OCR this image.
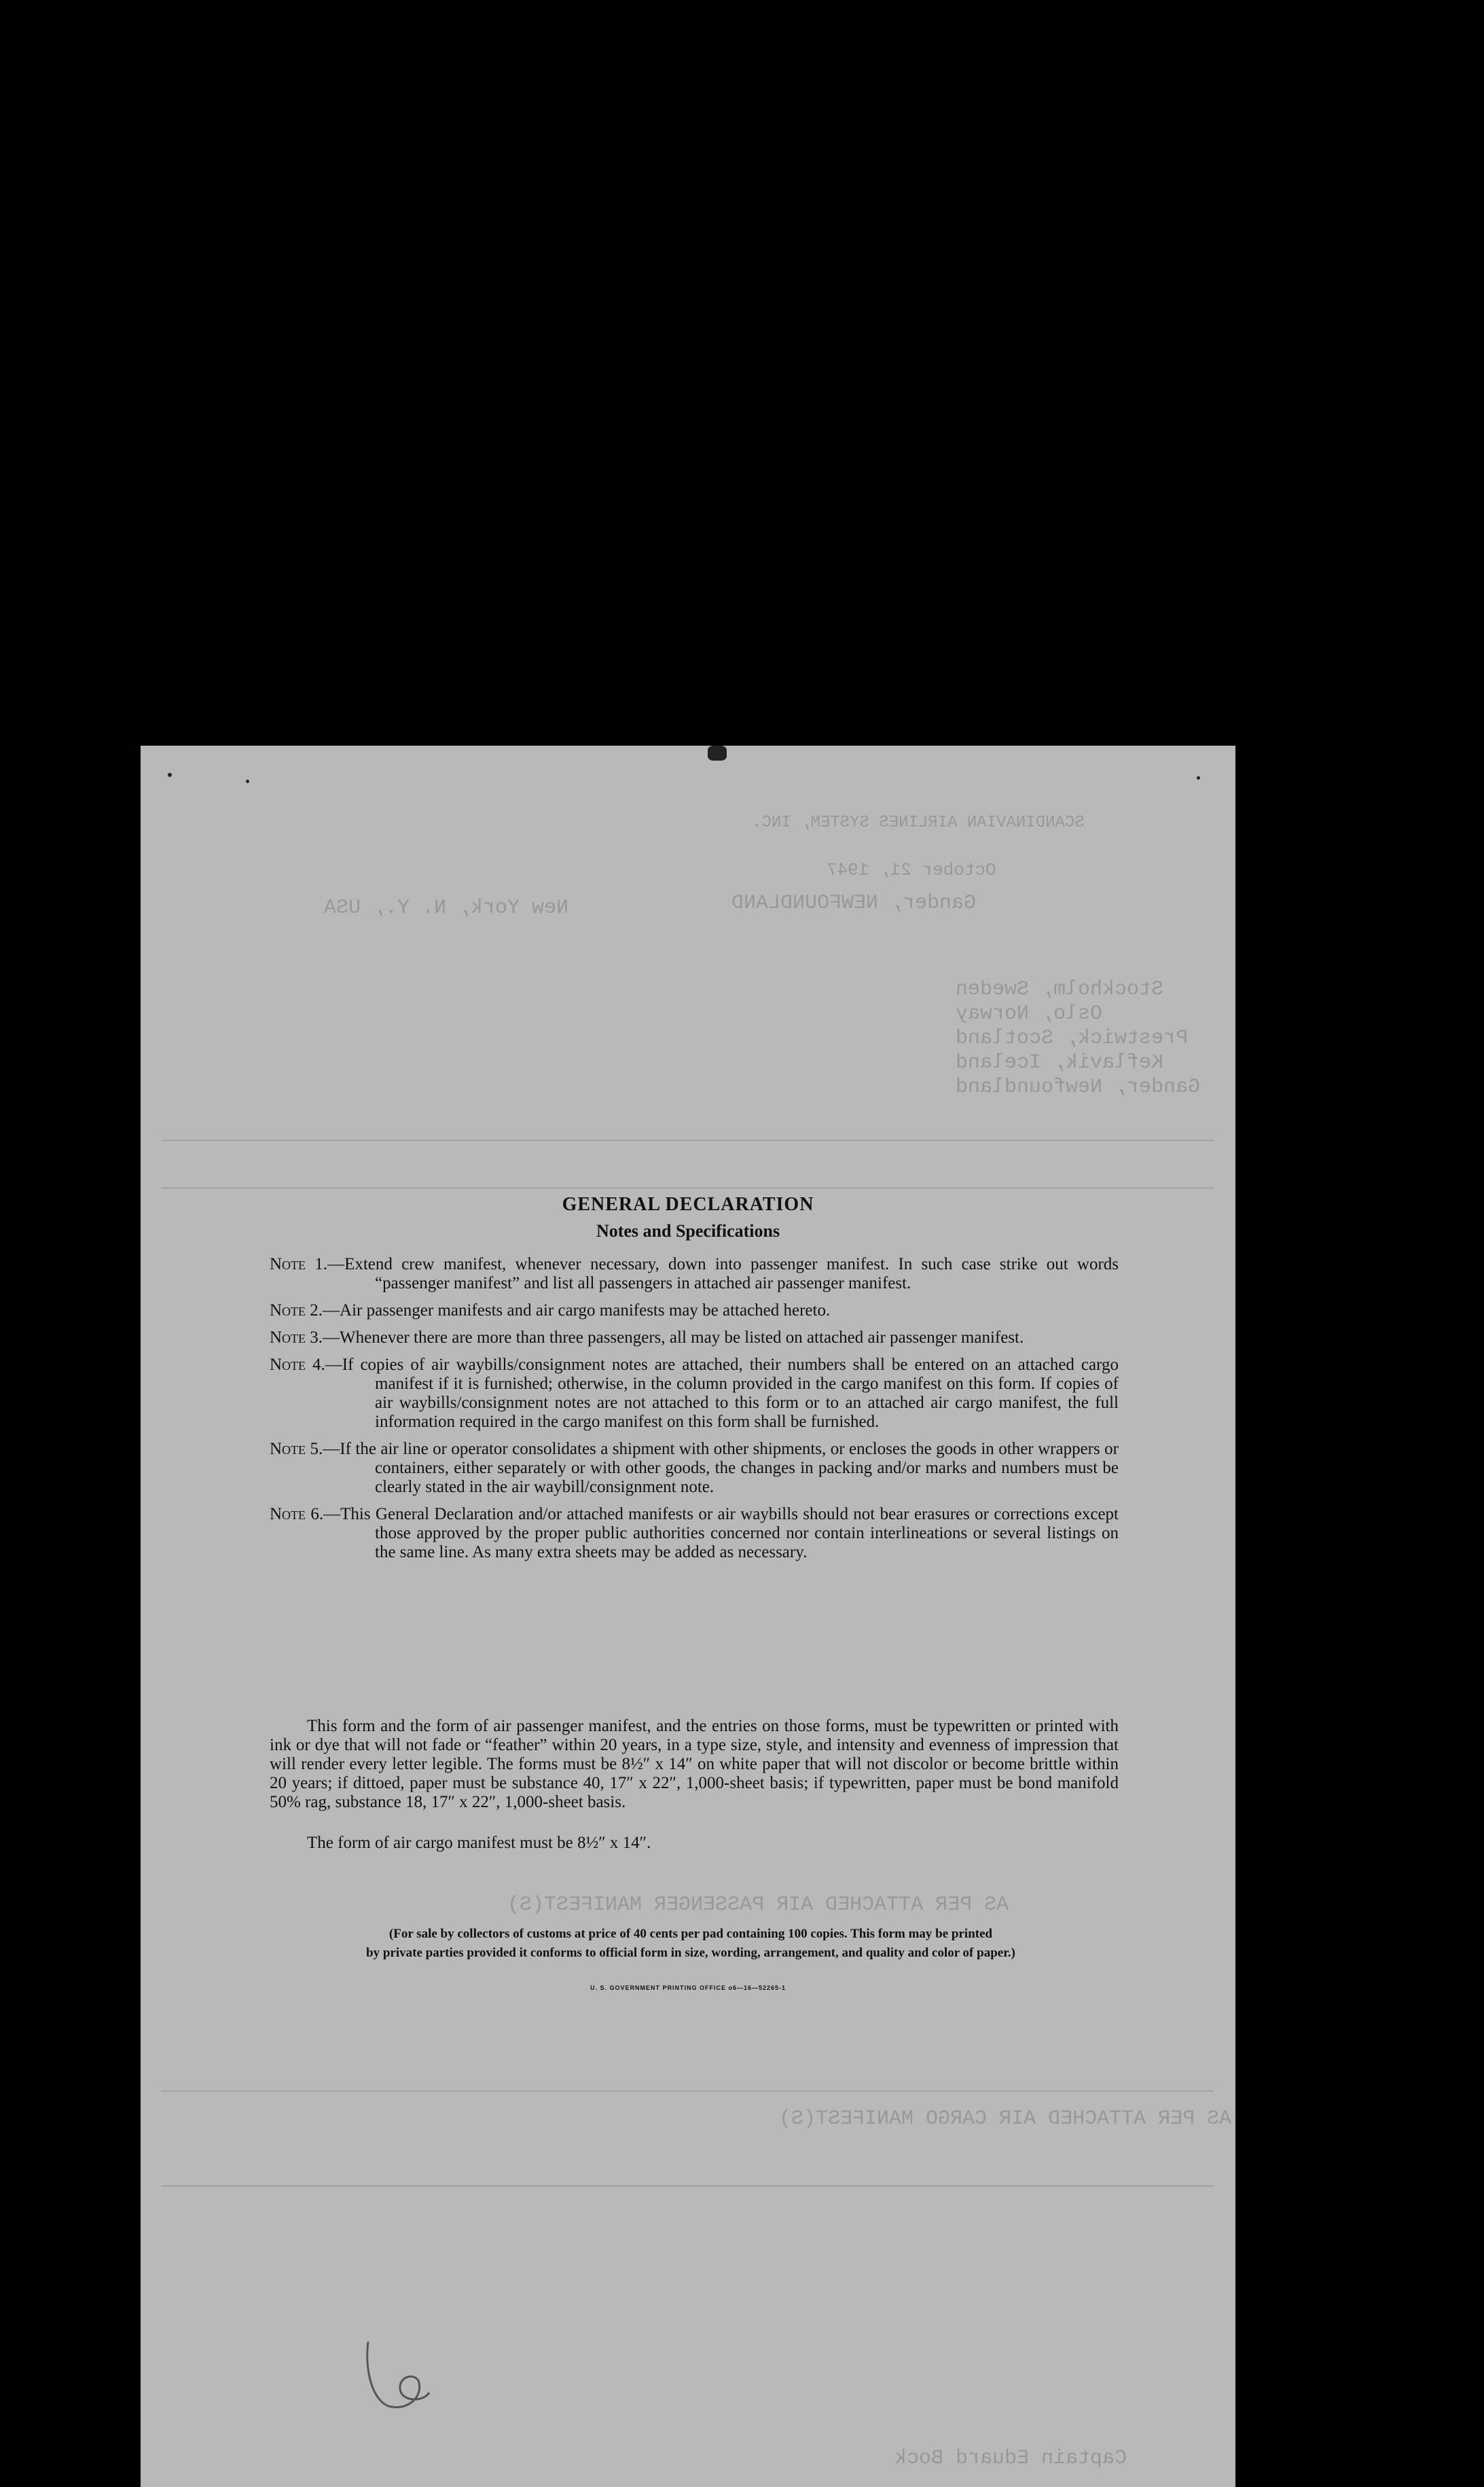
SCANDINAVIAN AIRLINES SYSTEM, INC.
October 21, 1947
Gander, NEWFOUNDLAND
New York, N. Y., USA
Stockholm, Sweden
Oslo, Norway
Prestwick, Scotland
Keflavik, Iceland
Gander, Newfoundland
AS PER ATTACHED AIR PASSENGER MANIFEST(S)
AS PER ATTACHED AIR CARGO MANIFEST(S)
Captain Eduard Bock
GENERAL DECLARATION
Notes and Specifications
Note 1.—Extend crew manifest, whenever necessary, down into passenger manifest. In such case strike out words “passenger manifest” and list all passengers in attached air passenger manifest.
Note 2.—Air passenger manifests and air cargo manifests may be attached hereto.
Note 3.—Whenever there are more than three passengers, all may be listed on attached air passenger manifest.
Note 4.—If copies of air waybills/consignment notes are attached, their numbers shall be entered on an attached cargo manifest if it is furnished; otherwise, in the column provided in the cargo manifest on this form. If copies of air waybills/consignment notes are not attached to this form or to an attached air cargo manifest, the full information required in the cargo manifest on this form shall be furnished.
Note 5.—If the air line or operator consolidates a shipment with other shipments, or encloses the goods in other wrappers or containers, either separately or with other goods, the changes in packing and/or marks and numbers must be clearly stated in the air waybill/consignment note.
Note 6.—This General Declaration and/or attached manifests or air waybills should not bear erasures or corrections except those approved by the proper public authorities concerned nor contain interlineations or several listings on the same line. As many extra sheets may be added as necessary.
This form and the form of air passenger manifest, and the entries on those forms, must be typewritten or printed with ink or dye that will not fade or “feather” within 20 years, in a type size, style, and intensity and evenness of impression that will render every letter legible. The forms must be 8½″ x 14″ on white paper that will not discolor or become brittle within 20 years; if dittoed, paper must be substance 40, 17″ x 22″, 1,000-sheet basis; if typewritten, paper must be bond manifold 50% rag, substance 18, 17″ x 22″, 1,000-sheet basis.
The form of air cargo manifest must be 8½″ x 14″.
(For sale by collectors of customs at price of 40 cents per pad containing 100 copies. This form may be printed
by private parties provided it conforms to official form in size, wording, arrangement, and quality and color of paper.)
U. S. GOVERNMENT PRINTING OFFICE o6—16—52265-1
